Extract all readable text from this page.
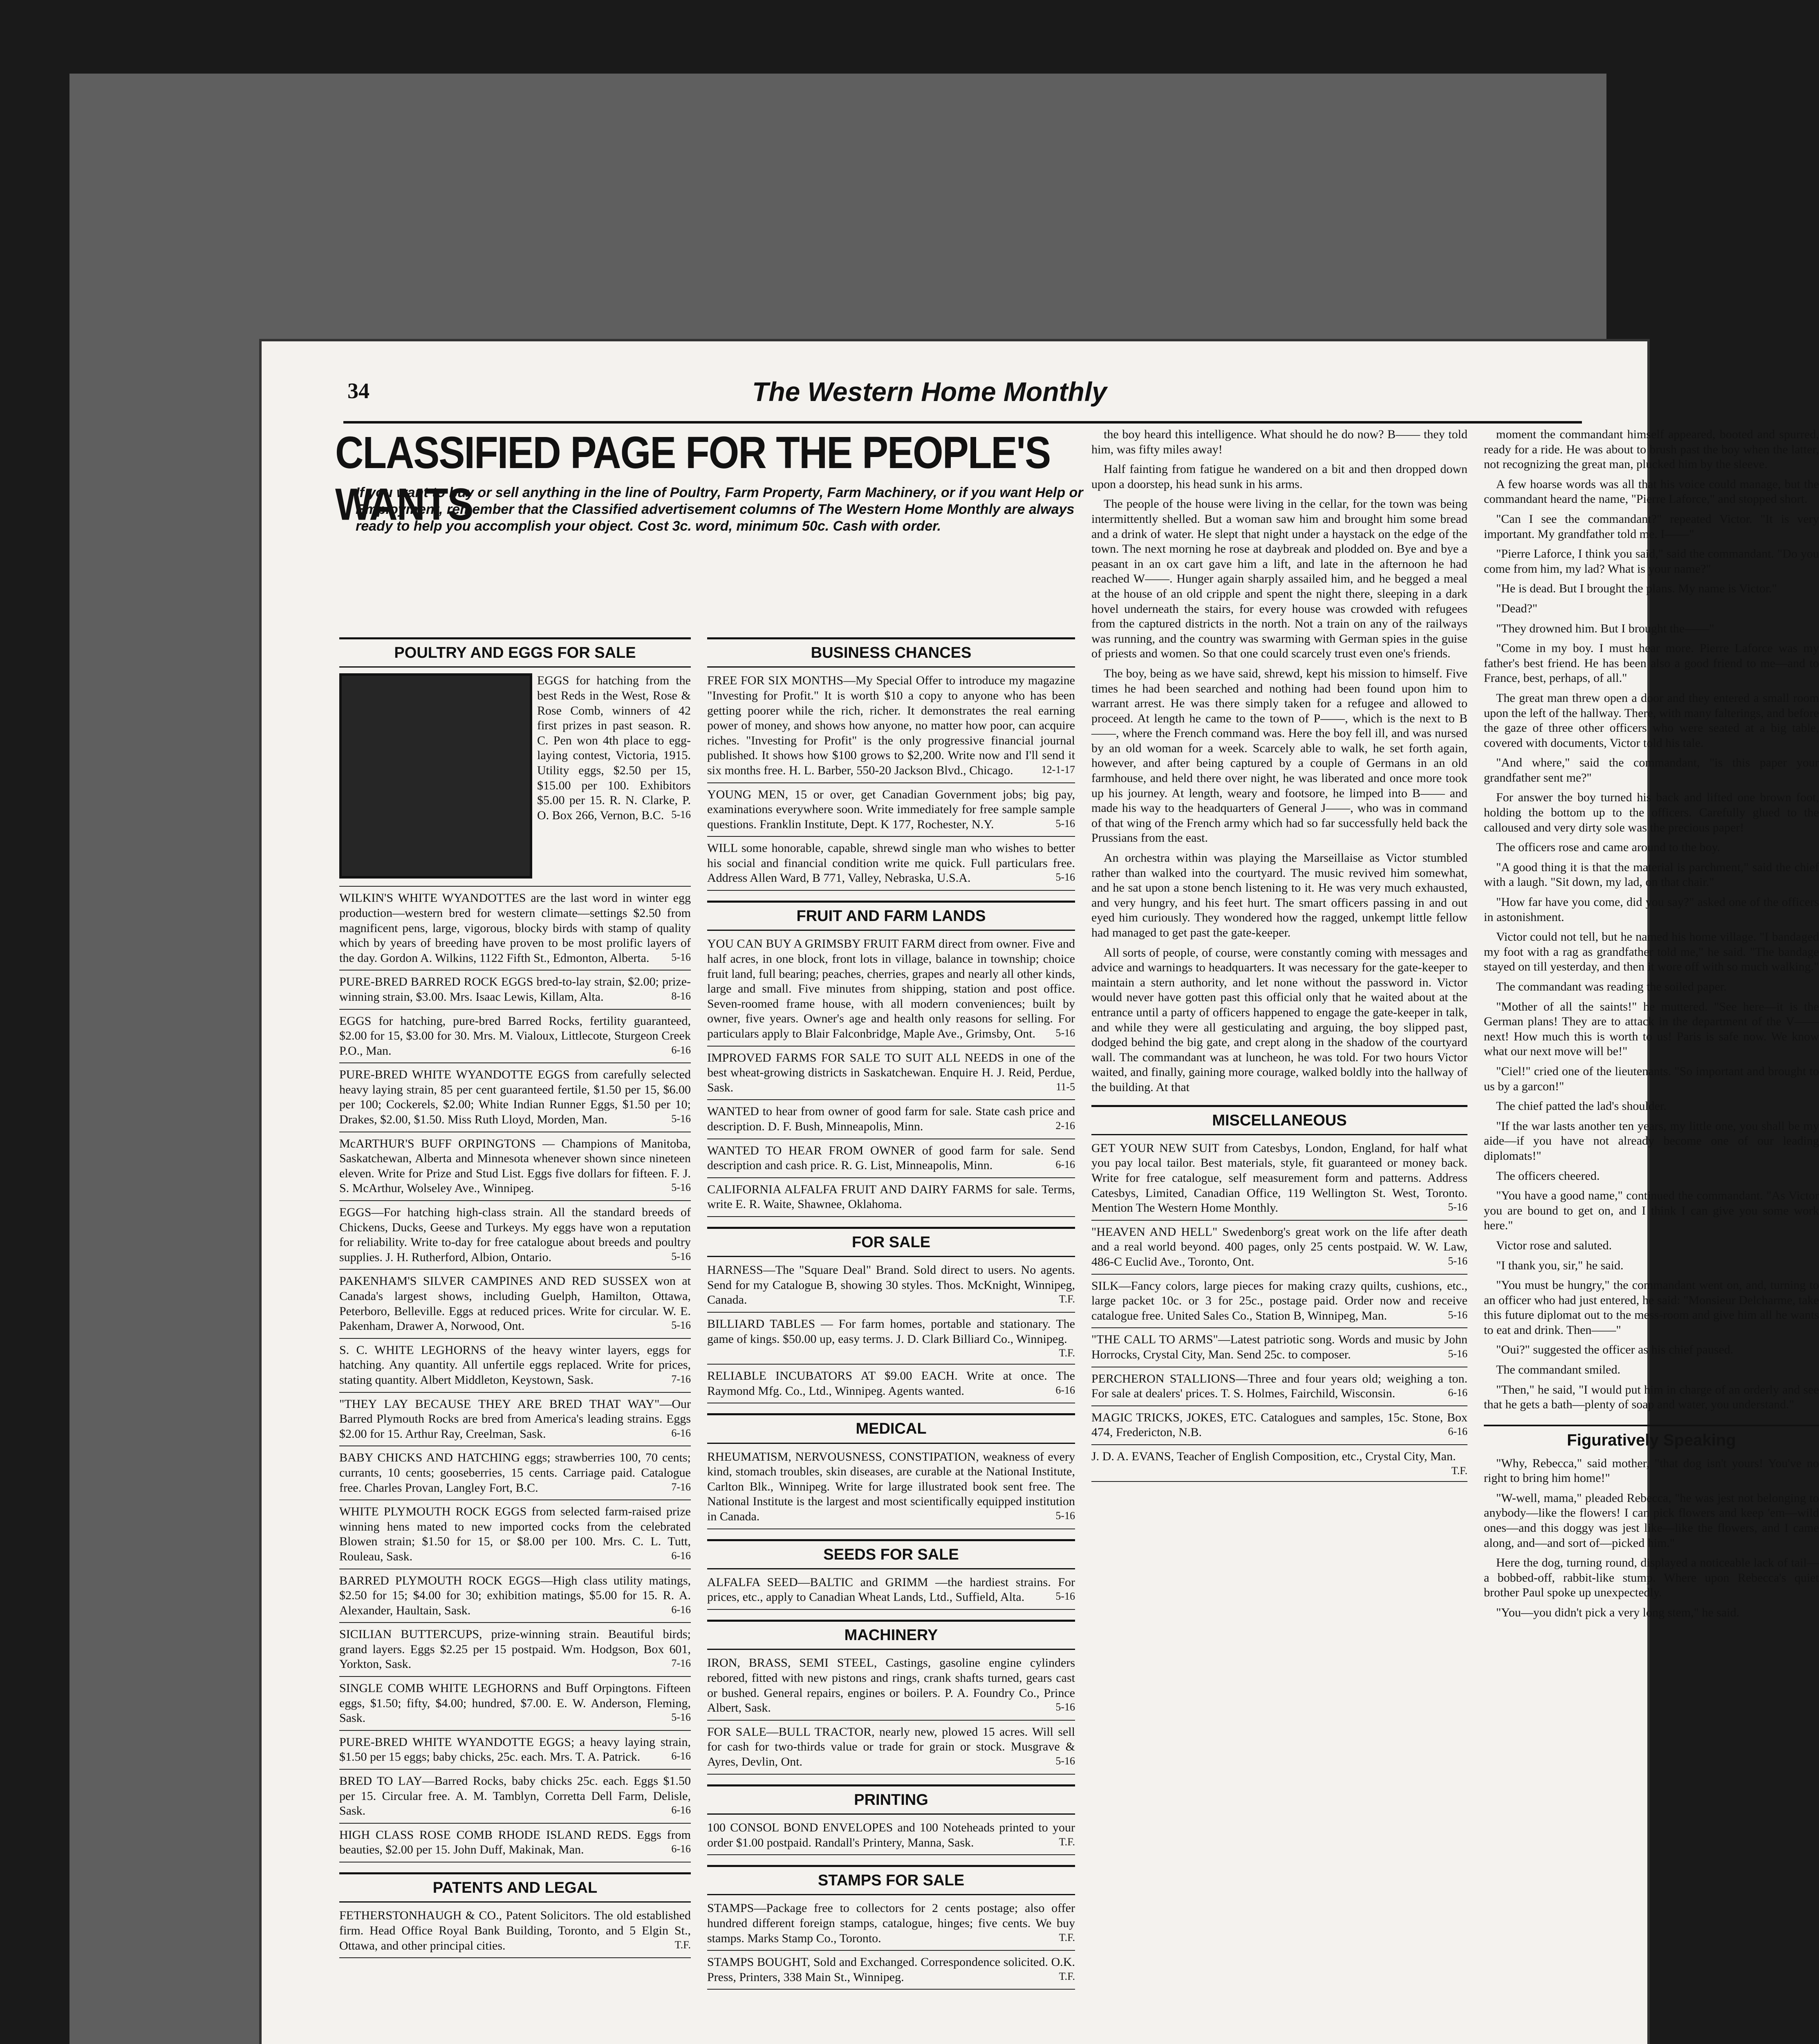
34	The Western Home Monthly
CLASSIFIED PAGE FOR THE PEOPLE'S WANTS
If you want to buy or sell anything in the line of Poultry, Farm Property, Farm Machinery, or if you want Help or Employment, remember that the Classified advertisement columns of The Western Home Monthly are always ready to help you accomplish your object. Cost 3c. word, minimum 50c. Cash with order.
POULTRY AND EGGS FOR SALE
EGGS for hatching from the best Reds in the West, Rose & Rose Comb, winners of 42 first prizes in past season. R. C. Pen won 4th place to egg-laying contest, Victoria, 1915. Utility eggs, $2.50 per 15, $15.00 per 100. Exhibitors $5.00 per 15. R. N. Clarke, P. O. Box 266, Vernon, B.C. 5-16
WILKIN'S WHITE WYANDOTTES are the last word in winter egg production—western bred for western climate—settings $2.50 from magnificent pens, large, vigorous, blocky birds with stamp of quality which by years of breeding have proven to be most prolific layers of the day. Gordon A. Wilkins, 1122 Fifth St., Edmonton, Alberta. 5-16
PURE-BRED BARRED ROCK EGGS bred-to-lay strain, $2.00; prize-winning strain, $3.00. Mrs. Isaac Lewis, Killam, Alta.	8-16
EGGS for hatching, pure-bred Barred Rocks, fertility guaranteed, $2.00 for 15, $3.00 for 30. Mrs. M. Vialoux, Littlecote, Sturgeon Creek P.O., Man.	6-16
PURE-BRED WHITE WYANDOTTE EGGS from carefully selected heavy laying strain, 85 per cent guaranteed fertile, $1.50 per 15, $6.00 per 100; Cockerels, $2.00; White Indian Runner Eggs, $1.50 per 10; Drakes, $2.00, $1.50. Miss Ruth Lloyd, Morden, Man.	5-16
McARTHUR'S BUFF ORPINGTONS — Champions of Manitoba, Saskatchewan, Alberta and Minnesota whenever shown since nineteen eleven. Write for Prize and Stud List. Eggs five dollars for fifteen. F. J. S. McArthur, Wolseley Ave., Winnipeg.	5-16
EGGS—For hatching high-class strain. All the standard breeds of Chickens, Ducks, Geese and Turkeys. My eggs have won a reputation for reliability. Write to-day for free catalogue about breeds and poultry supplies. J. H. Rutherford, Albion, Ontario.	5-16
PAKENHAM'S SILVER CAMPINES AND RED SUSSEX won at Canada's largest shows, including Guelph, Hamilton, Ottawa, Peterboro, Belleville. Eggs at reduced prices. Write for circular. W. E. Pakenham, Drawer A, Norwood, Ont.	5-16
S. C. WHITE LEGHORNS of the heavy winter layers, eggs for hatching. Any quantity. All unfertile eggs replaced. Write for prices, stating quantity. Albert Middleton, Keystown, Sask.	7-16
"THEY LAY BECAUSE THEY ARE BRED THAT WAY"—Our Barred Plymouth Rocks are bred from America's leading strains. Eggs $2.00 for 15. Arthur Ray, Creelman, Sask.	6-16
BABY CHICKS AND HATCHING eggs; strawberries 100, 70 cents; currants, 10 cents; gooseberries, 15 cents. Carriage paid. Catalogue free. Charles Provan, Langley Fort, B.C.	7-16
WHITE PLYMOUTH ROCK EGGS from selected farm-raised prize winning hens mated to new imported cocks from the celebrated Blowen strain; $1.50 for 15, or $8.00 per 100. Mrs. C. L. Tutt, Rouleau, Sask.	6-16
BARRED PLYMOUTH ROCK EGGS—High class utility matings, $2.50 for 15; $4.00 for 30; exhibition matings, $5.00 for 15. R. A. Alexander, Haultain, Sask.	6-16
SICILIAN BUTTERCUPS, prize-winning strain. Beautiful birds; grand layers. Eggs $2.25 per 15 postpaid. Wm. Hodgson, Box 601, Yorkton, Sask.	7-16
SINGLE COMB WHITE LEGHORNS and Buff Orpingtons. Fifteen eggs, $1.50; fifty, $4.00; hundred, $7.00. E. W. Anderson, Fleming, Sask.	5-16
PURE-BRED WHITE WYANDOTTE EGGS; a heavy laying strain, $1.50 per 15 eggs; baby chicks, 25c. each. Mrs. T. A. Patrick.	6-16
BRED TO LAY—Barred Rocks, baby chicks 25c. each. Eggs $1.50 per 15. Circular free. A. M. Tamblyn, Corretta Dell Farm, Delisle, Sask.	6-16
HIGH CLASS ROSE COMB RHODE ISLAND REDS. Eggs from beauties, $2.00 per 15. John Duff, Makinak, Man.	6-16
PATENTS AND LEGAL
FETHERSTONHAUGH & CO., Patent Solicitors. The old established firm. Head Office Royal Bank Building, Toronto, and 5 Elgin St., Ottawa, and other principal cities.	T.F.
BUSINESS CHANCES
FREE FOR SIX MONTHS—My Special Offer to introduce my magazine "Investing for Profit." It is worth $10 a copy to anyone who has been getting poorer while the rich, richer. It demonstrates the real earning power of money, and shows how anyone, no matter how poor, can acquire riches. "Investing for Profit" is the only progressive financial journal published. It shows how $100 grows to $2,200. Write now and I'll send it six months free. H. L. Barber, 550-20 Jackson Blvd., Chicago.	12-1-17
YOUNG MEN, 15 or over, get Canadian Government jobs; big pay, examinations everywhere soon. Write immediately for free sample sample questions. Franklin Institute, Dept. K 177, Rochester, N.Y.	5-16
WILL some honorable, capable, shrewd single man who wishes to better his social and financial condition write me quick. Full particulars free. Address Allen Ward, B 771, Valley, Nebraska, U.S.A.	5-16
FRUIT AND FARM LANDS
YOU CAN BUY A GRIMSBY FRUIT FARM direct from owner. Five and half acres, in one block, front lots in village, balance in township; choice fruit land, full bearing; peaches, cherries, grapes and nearly all other kinds, large and small. Five minutes from shipping, station and post office. Seven-roomed frame house, with all modern conveniences; built by owner, five years. Owner's age and health only reasons for selling. For particulars apply to Blair Falconbridge, Maple Ave., Grimsby, Ont. 5-16
IMPROVED FARMS FOR SALE TO SUIT ALL NEEDS in one of the best wheat-growing districts in Saskatchewan. Enquire H. J. Reid, Perdue, Sask.	11-5
WANTED to hear from owner of good farm for sale. State cash price and description. D. F. Bush, Minneapolis, Minn.	2-16
WANTED TO HEAR FROM OWNER of good farm for sale. Send description and cash price. R. G. List, Minneapolis, Minn.	6-16
CALIFORNIA ALFALFA FRUIT AND DAIRY FARMS for sale. Terms, write E. R. Waite, Shawnee, Oklahoma.
FOR SALE
HARNESS—The "Square Deal" Brand. Sold direct to users. No agents. Send for my Catalogue B, showing 30 styles. Thos. McKnight, Winnipeg, Canada.	T.F.
BILLIARD TABLES — For farm homes, portable and stationary. The game of kings. $50.00 up, easy terms. J. D. Clark Billiard Co., Winnipeg.
T.F.
RELIABLE INCUBATORS AT $9.00 EACH. Write at once. The Raymond Mfg. Co., Ltd., Winnipeg. Agents wanted.	6-16
MEDICAL
RHEUMATISM, NERVOUSNESS, CONSTIPATION, weakness of every kind, stomach troubles, skin diseases, are curable at the National Institute, Carlton Blk., Winnipeg. Write for large illustrated book sent free. The National Institute is the largest and most scientifically equipped institution in Canada.	5-16
SEEDS FOR SALE
ALFALFA SEED—BALTIC and GRIMM —the hardiest strains. For prices, etc., apply to Canadian Wheat Lands, Ltd., Suffield, Alta.	5-16
MACHINERY
IRON, BRASS, SEMI STEEL, Castings, gasoline engine cylinders rebored, fitted with new pistons and rings, crank shafts turned, gears cast or bushed. General repairs, engines or boilers. P. A. Foundry Co., Prince Albert, Sask.	5-16
FOR SALE—BULL TRACTOR, nearly new, plowed 15 acres. Will sell for cash for two-thirds value or trade for grain or stock. Musgrave & Ayres, Devlin, Ont.	5-16
PRINTING
100 CONSOL BOND ENVELOPES and 100 Noteheads printed to your order $1.00 postpaid. Randall's Printery, Manna, Sask.	T.F.
STAMPS FOR SALE
STAMPS—Package free to collectors for 2 cents postage; also offer hundred different foreign stamps, catalogue, hinges; five cents. We buy stamps. Marks Stamp Co., Toronto.	T.F.
STAMPS BOUGHT, Sold and Exchanged. Correspondence solicited. O.K. Press, Printers, 338 Main St., Winnipeg.	T.F.

the boy heard this intelligence. What should he do now? B—— they told him, was fifty miles away!

Half fainting from fatigue he wandered on a bit and then dropped down upon a doorstep, his head sunk in his arms.

The people of the house were living in the cellar, for the town was being intermittently shelled. But a woman saw him and brought him some bread and a drink of water. He slept that night under a haystack on the edge of the town. The next morning he rose at daybreak and plodded on. Bye and bye a peasant in an ox cart gave him a lift, and late in the afternoon he had reached W——. Hunger again sharply assailed him, and he begged a meal at the house of an old cripple and spent the night there, sleeping in a dark hovel underneath the stairs, for every house was crowded with refugees from the captured districts in the north. Not a train on any of the railways was running, and the country was swarming with German spies in the guise of priests and women. So that one could scarcely trust even one's friends.

The boy, being as we have said, shrewd, kept his mission to himself. Five times he had been searched and nothing had been found upon him to warrant arrest. He was there simply taken for a refugee and allowed to proceed. At length he came to the town of P——, which is the next to B——, where the French command was. Here the boy fell ill, and was nursed by an old woman for a week. Scarcely able to walk, he set forth again, however, and after being captured by a couple of Germans in an old farmhouse, and held there over night, he was liberated and once more took up his journey. At length, weary and footsore, he limped into B—— and made his way to the headquarters of General J——, who was in command of that wing of the French army which had so far successfully held back the Prussians from the east.

An orchestra within was playing the Marseillaise as Victor stumbled rather than walked into the courtyard. The music revived him somewhat, and he sat upon a stone bench listening to it. He was very much exhausted, and very hungry, and his feet hurt. The smart officers passing in and out eyed him curiously. They wondered how the ragged, unkempt little fellow had managed to get past the gate-keeper.

All sorts of people, of course, were constantly coming with messages and advice and warnings to headquarters. It was necessary for the gate-keeper to maintain a stern authority, and let none without the password in. Victor would never have gotten past this official only that he waited about at the entrance until a party of officers happened to engage the gate-keeper in talk, and while they were all gesticulating and arguing, the boy slipped past, dodged behind the big gate, and crept along in the shadow of the courtyard wall. The commandant was at luncheon, he was told. For two hours Victor waited, and finally, gaining more courage, walked boldly into the hallway of the building. At that

MISCELLANEOUS
GET YOUR NEW SUIT from Catesbys, London, England, for half what you pay local tailor. Best materials, style, fit guaranteed or money back. Write for free catalogue, self measurement form and patterns. Address Catesbys, Limited, Canadian Office, 119 Wellington St. West, Toronto. Mention The Western Home Monthly.	5-16
"HEAVEN AND HELL" Swedenborg's great work on the life after death and a real world beyond. 400 pages, only 25 cents postpaid. W. W. Law, 486-C Euclid Ave., Toronto, Ont.	5-16
SILK—Fancy colors, large pieces for making crazy quilts, cushions, etc., large packet 10c. or 3 for 25c., postage paid. Order now and receive catalogue free. United Sales Co., Station B, Winnipeg, Man.	5-16
"THE CALL TO ARMS"—Latest patriotic song. Words and music by John Horrocks, Crystal City, Man. Send 25c. to composer.	5-16
PERCHERON STALLIONS—Three and four years old; weighing a ton. For sale at dealers' prices. T. S. Holmes, Fairchild, Wisconsin.	6-16
MAGIC TRICKS, JOKES, ETC. Catalogues and samples, 15c. Stone, Box 474, Fredericton, N.B.	6-16
J. D. A. EVANS, Teacher of English Composition, etc., Crystal City, Man.
T.F.

moment the commandant himself appeared, booted and spurred, ready for a ride. He was about to brush past the boy when the latter, not recognizing the great man, plucked him by the sleeve.

A few hoarse words was all that his voice could manage, but the commandant heard the name, "Pierre Laforce," and stopped short.

"Can I see the commandant?" repeated Victor. "It is very important. My grandfather told me. I——"

"Pierre Laforce, I think you said," said the commandant. "Do you come from him, my lad? What is your name?"

"He is dead. But I brought the plans. My name is Victor."

"Dead?"

"They drowned him. But I brought the——"

"Come in my boy. I must hear more. Pierre Laforce was my father's best friend. He has been also a good friend to me—and to France, best, perhaps, of all."

The great man threw open a door and they entered a small room upon the left of the hallway. There, with many falterings, and before the gaze of three other officers who were seated at a big table, covered with documents, Victor told his tale.

"And where," said the commandant, "is this paper your grandfather sent me?"

For answer the boy turned his back and lifted one brown foot, holding the bottom up to the officers. Carefully glued to the calloused and very dirty sole was the precious paper!

The officers rose and came around to the boy.

"A good thing it is that the material is parchment," said the chief with a laugh. "Sit down, my lad, on that chair."

"How far have you come, did you say?" asked one of the officers in astonishment.

Victor could not tell, but he named his home village. "I bandaged my foot with a rag as grandfather told me," he said. "The bandage stayed on till yesterday, and then it wore off with so much walking."

The commandant was reading the soiled paper.

"Mother of all the saints!" he muttered. "See here—it is the German plans! They are to attack in the department of the V—— next! How much this is worth to us! Paris is safe now. We know what our next move will be!"

"Ciel!" cried one of the lieutenants. "So important and brought to us by a garcon!"

The chief patted the lad's shoulder.

"If the war lasts another ten years, my little one, you shall be my aide—if you have not already become one of our leading diplomats!"

The officers cheered.

"You have a good name," continued the commandant. "As Victor you are bound to get on, and I think I can give you some work here."

Victor rose and saluted.

"I thank you, sir," he said.

"You must be hungry," the commandant went on, and, turning to an officer who had just entered, he said: "Monsieur Delcharme, take this future diplomat out to the mess-room and give him all he wants to eat and drink. Then——"

"Oui?" suggested the officer as his chief paused.

The commandant smiled.

"Then," he said, "I would put him in charge of an orderly and see that he gets a bath—plenty of soap and water, you understand."

Figuratively Speaking

"Why, Rebecca," said mother, "that dog isn't yours! You've no right to bring him home!"

"W-well, mama," pleaded Rebecca, "he was jest not belonging to anybody—like the flowers! I can pick flowers and keep 'em—wild ones—and this doggy was jest like—like the flowers, and I came along, and—and sort of—picked him."

Here the dog, turning round, displayed a noticeable lack of tail—a bobbed-off, rabbit-like stump. Where upon Rebecca's quiet brother Paul spoke up unexpectedly.

"You—you didn't pick a very long stem," he said.
